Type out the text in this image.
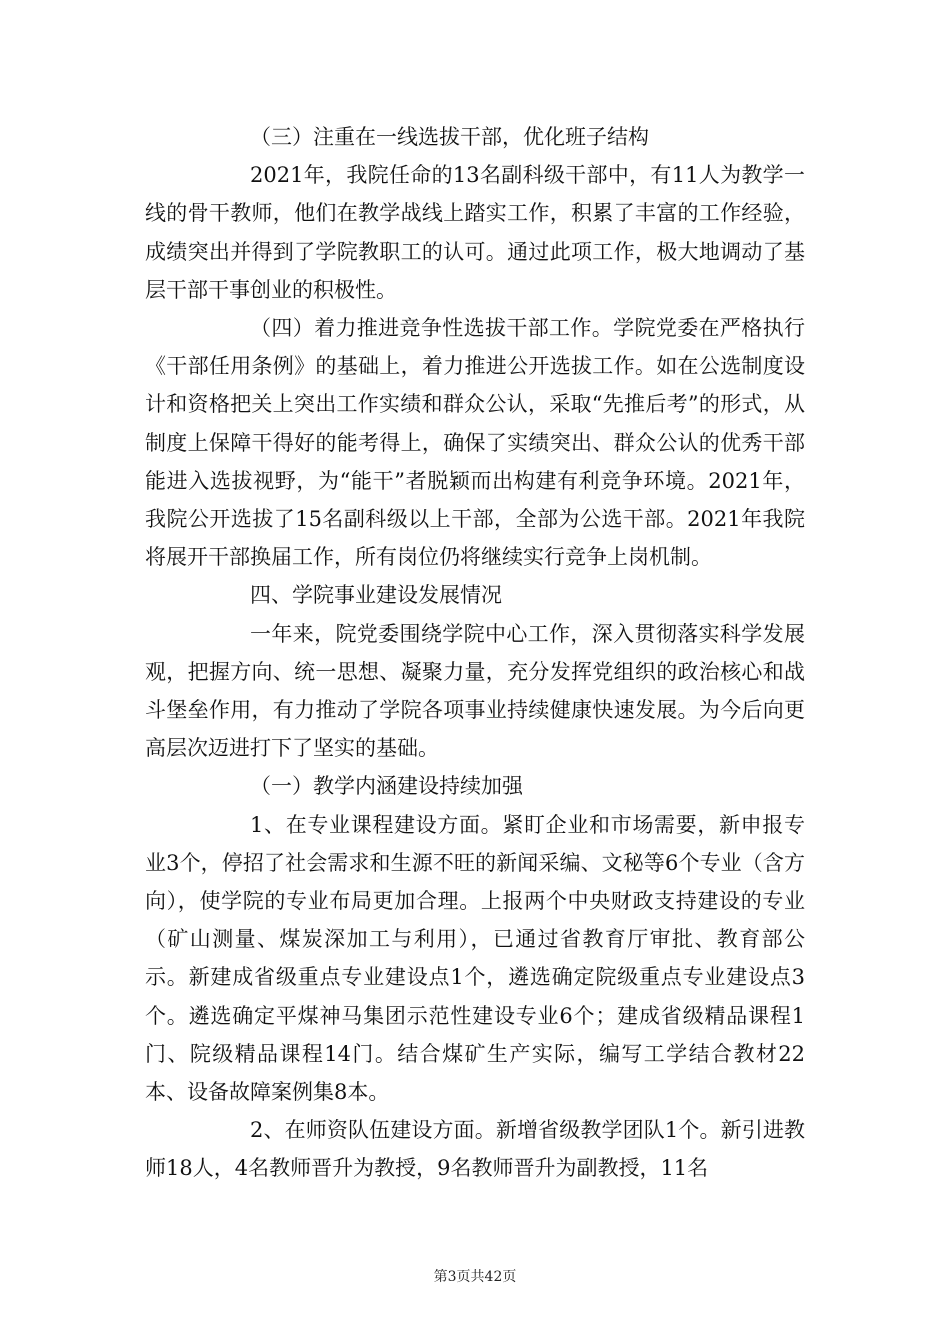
（三）注重在一线选拔干部，优化班子结构

2021年，我院任命的13名副科级干部中，有11人为教学一线的骨干教师，他们在教学战线上踏实工作，积累了丰富的工作经验，成绩突出并得到了学院教职工的认可。通过此项工作，极大地调动了基层干部干事创业的积极性。

（四）着力推进竞争性选拔干部工作。学院党委在严格执行《干部任用条例》的基础上，着力推进公开选拔工作。如在公选制度设计和资格把关上突出工作实绩和群众公认，采取“先推后考”的形式，从制度上保障干得好的能考得上，确保了实绩突出、群众公认的优秀干部能进入选拔视野，为“能干”者脱颖而出构建有利竞争环境。2021年，我院公开选拔了15名副科级以上干部，全部为公选干部。2021年我院将展开干部换届工作，所有岗位仍将继续实行竞争上岗机制。

四、学院事业建设发展情况

一年来，院党委围绕学院中心工作，深入贯彻落实科学发展观，把握方向、统一思想、凝聚力量，充分发挥党组织的政治核心和战斗堡垒作用，有力推动了学院各项事业持续健康快速发展。为今后向更高层次迈进打下了坚实的基础。

（一）教学内涵建设持续加强

1、在专业课程建设方面。紧盯企业和市场需要，新申报专业3个，停招了社会需求和生源不旺的新闻采编、文秘等6个专业（含方向），使学院的专业布局更加合理。上报两个中央财政支持建设的专业（矿山测量、煤炭深加工与利用），已通过省教育厅审批、教育部公示。新建成省级重点专业建设点1个，遴选确定院级重点专业建设点3个。遴选确定平煤神马集团示范性建设专业6个；建成省级精品课程1门、院级精品课程14门。结合煤矿生产实际，编写工学结合教材22本、设备故障案例集8本。

2、在师资队伍建设方面。新增省级教学团队1个。新引进教师18人，4名教师晋升为教授，9名教师晋升为副教授，11名

第3页共42页
